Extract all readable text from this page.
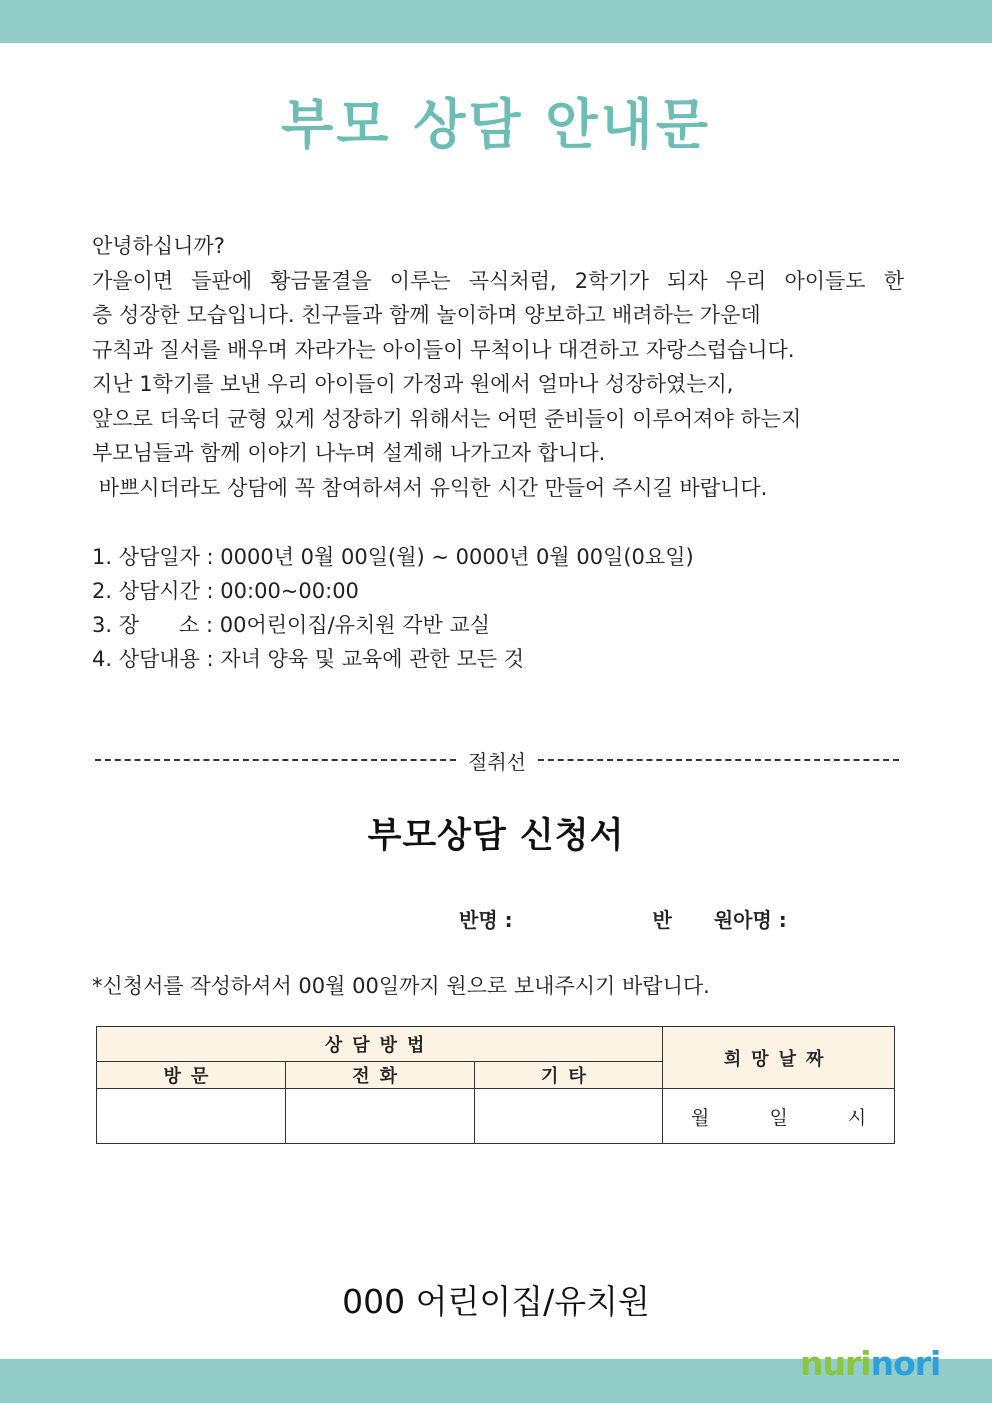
부모 상담 안내문
안녕하십니까?
가을이면 들판에 황금물결을 이루는 곡식처럼, 2학기가 되자 우리 아이들도 한
층 성장한 모습입니다. 친구들과 함께 놀이하며 양보하고 배려하는 가운데
규칙과 질서를 배우며 자라가는 아이들이 무척이나 대견하고 자랑스럽습니다.
지난 1학기를 보낸 우리 아이들이 가정과 원에서 얼마나 성장하였는지,
앞으로 더욱더 균형 있게 성장하기 위해서는 어떤 준비들이 이루어져야 하는지
부모님들과 함께 이야기 나누며 설계해 나가고자 합니다.
바쁘시더라도 상담에 꼭 참여하셔서 유익한 시간 만들어 주시길 바랍니다.
1. 상담일자 : 0000년 0월 00일(월) ~ 0000년 0월 00일(0요일)
2. 상담시간 : 00:00~00:00
3. 장      소 : 00어린이집/유치원 각반 교실
4. 상담내용 : 자녀 양육 및 교육에 관한 모든 것
절취선
부모상담 신청서
반명 :	반 원아명 :
*신청서를 작성하셔서 00월 00일까지 원으로 보내주시기 바랍니다.
상담방법			희망날짜
방문	전화	기타	
			월 일 시
000 어린이집/유치원
nurinori
